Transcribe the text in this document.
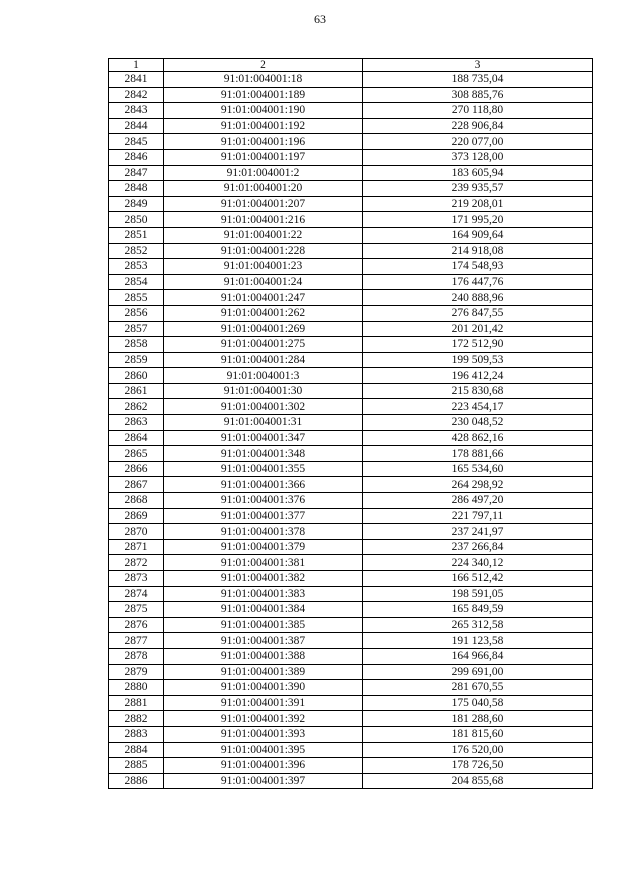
63
1	2	3
2841	91:01:004001:18	188 735,04
2842	91:01:004001:189	308 885,76
2843	91:01:004001:190	270 118,80
2844	91:01:004001:192	228 906,84
2845	91:01:004001:196	220 077,00
2846	91:01:004001:197	373 128,00
2847	91:01:004001:2	183 605,94
2848	91:01:004001:20	239 935,57
2849	91:01:004001:207	219 208,01
2850	91:01:004001:216	171 995,20
2851	91:01:004001:22	164 909,64
2852	91:01:004001:228	214 918,08
2853	91:01:004001:23	174 548,93
2854	91:01:004001:24	176 447,76
2855	91:01:004001:247	240 888,96
2856	91:01:004001:262	276 847,55
2857	91:01:004001:269	201 201,42
2858	91:01:004001:275	172 512,90
2859	91:01:004001:284	199 509,53
2860	91:01:004001:3	196 412,24
2861	91:01:004001:30	215 830,68
2862	91:01:004001:302	223 454,17
2863	91:01:004001:31	230 048,52
2864	91:01:004001:347	428 862,16
2865	91:01:004001:348	178 881,66
2866	91:01:004001:355	165 534,60
2867	91:01:004001:366	264 298,92
2868	91:01:004001:376	286 497,20
2869	91:01:004001:377	221 797,11
2870	91:01:004001:378	237 241,97
2871	91:01:004001:379	237 266,84
2872	91:01:004001:381	224 340,12
2873	91:01:004001:382	166 512,42
2874	91:01:004001:383	198 591,05
2875	91:01:004001:384	165 849,59
2876	91:01:004001:385	265 312,58
2877	91:01:004001:387	191 123,58
2878	91:01:004001:388	164 966,84
2879	91:01:004001:389	299 691,00
2880	91:01:004001:390	281 670,55
2881	91:01:004001:391	175 040,58
2882	91:01:004001:392	181 288,60
2883	91:01:004001:393	181 815,60
2884	91:01:004001:395	176 520,00
2885	91:01:004001:396	178 726,50
2886	91:01:004001:397	204 855,68
